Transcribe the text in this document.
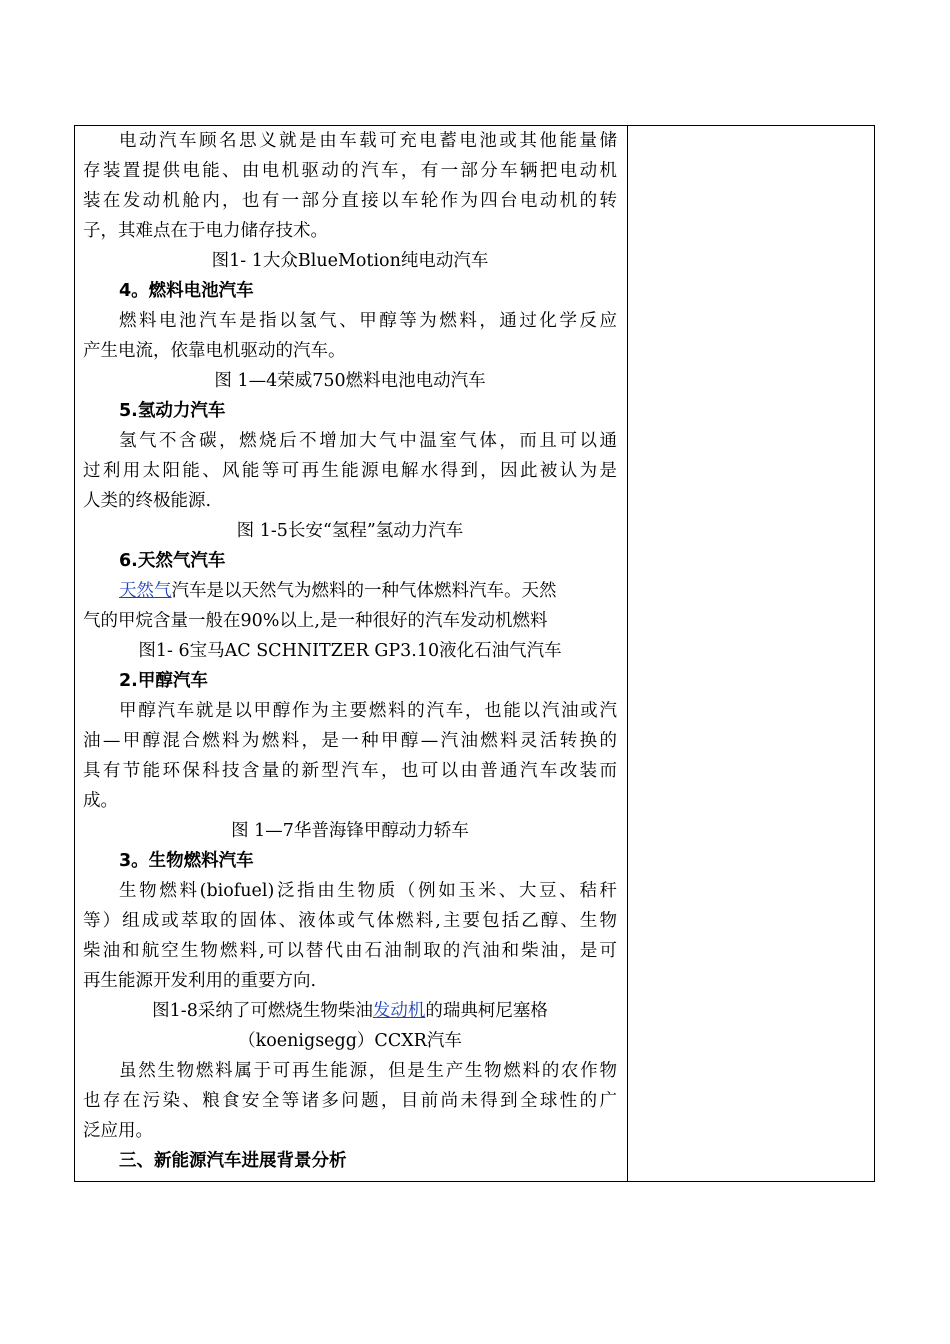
电动汽车顾名思义就是由车载可充电蓄电池或其他能量储
存装置提供电能、由电机驱动的汽车，有一部分车辆把电动机
装在发动机舱内，也有一部分直接以车轮作为四台电动机的转
子，其难点在于电力储存技术。
图1- 1大众BlueMotion纯电动汽车
4。燃料电池汽车
燃料电池汽车是指以氢气、甲醇等为燃料，通过化学反应
产生电流，依靠电机驱动的汽车。
图 1—4荣威750燃料电池电动汽车
5.氢动力汽车
氢气不含碳，燃烧后不增加大气中温室气体，而且可以通
过利用太阳能、风能等可再生能源电解水得到，因此被认为是
人类的终极能源.
图 1-5长安“氢程”氢动力汽车
6.天然气汽车
天然气汽车是以天然气为燃料的一种气体燃料汽车。天然
气的甲烷含量一般在90%以上,是一种很好的汽车发动机燃料
图1- 6宝马AC SCHNITZER GP3.10液化石油气汽车
2.甲醇汽车
甲醇汽车就是以甲醇作为主要燃料的汽车，也能以汽油或汽
油—甲醇混合燃料为燃料，是一种甲醇—汽油燃料灵活转换的
具有节能环保科技含量的新型汽车，也可以由普通汽车改装而
成。
图 1—7华普海锋甲醇动力轿车
3。生物燃料汽车
生物燃料(biofuel)泛指由生物质（例如玉米、大豆、秸秆
等）组成或萃取的固体、液体或气体燃料,主要包括乙醇、生物
柴油和航空生物燃料,可以替代由石油制取的汽油和柴油，是可
再生能源开发利用的重要方向.
图1-8采纳了可燃烧生物柴油发动机的瑞典柯尼塞格
（koenigsegg）CCXR汽车
虽然生物燃料属于可再生能源，但是生产生物燃料的农作物
也存在污染、粮食安全等诸多问题，目前尚未得到全球性的广
泛应用。
三、新能源汽车进展背景分析
